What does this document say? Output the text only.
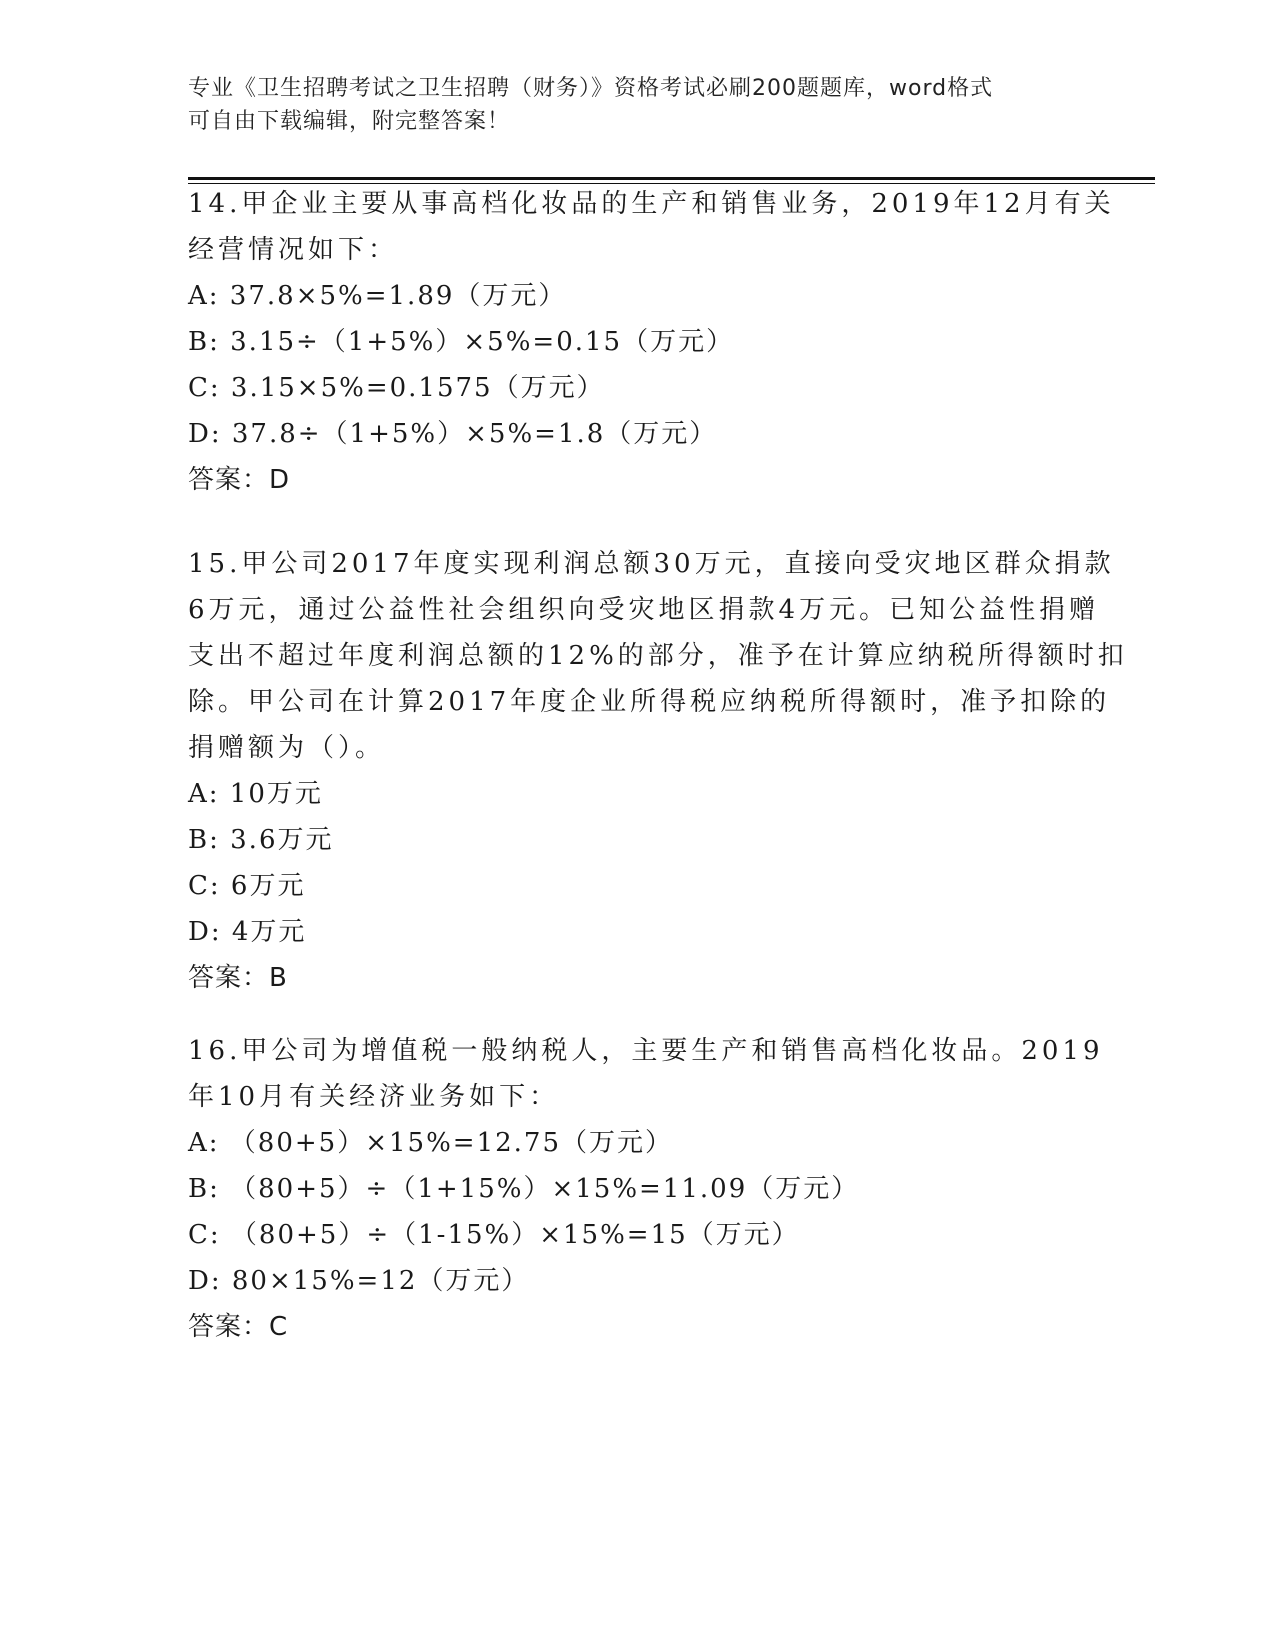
专业《卫生招聘考试之卫生招聘（财务）》资格考试必刷200题题库，word格式
可自由下载编辑，附完整答案！
14.甲企业主要从事高档化妆品的生产和销售业务，2019年12月有关
经营情况如下：
A: 37.8×5%=1.89（万元）
B: 3.15÷（1+5%）×5%=0.15（万元）
C: 3.15×5%=0.1575（万元）
D: 37.8÷（1+5%）×5%=1.8（万元）
答案：D
15.甲公司2017年度实现利润总额30万元，直接向受灾地区群众捐款
6万元，通过公益性社会组织向受灾地区捐款4万元。已知公益性捐赠
支出不超过年度利润总额的12%的部分，准予在计算应纳税所得额时扣
除。甲公司在计算2017年度企业所得税应纳税所得额时，准予扣除的
捐赠额为（）。
A: 10万元
B: 3.6万元
C: 6万元
D: 4万元
答案：B
16.甲公司为增值税一般纳税人，主要生产和销售高档化妆品。2019
年10月有关经济业务如下：
A: （80+5）×15%=12.75（万元）
B: （80+5）÷（1+15%）×15%=11.09（万元）
C: （80+5）÷（1-15%）×15%=15（万元）
D: 80×15%=12（万元）
答案：C
